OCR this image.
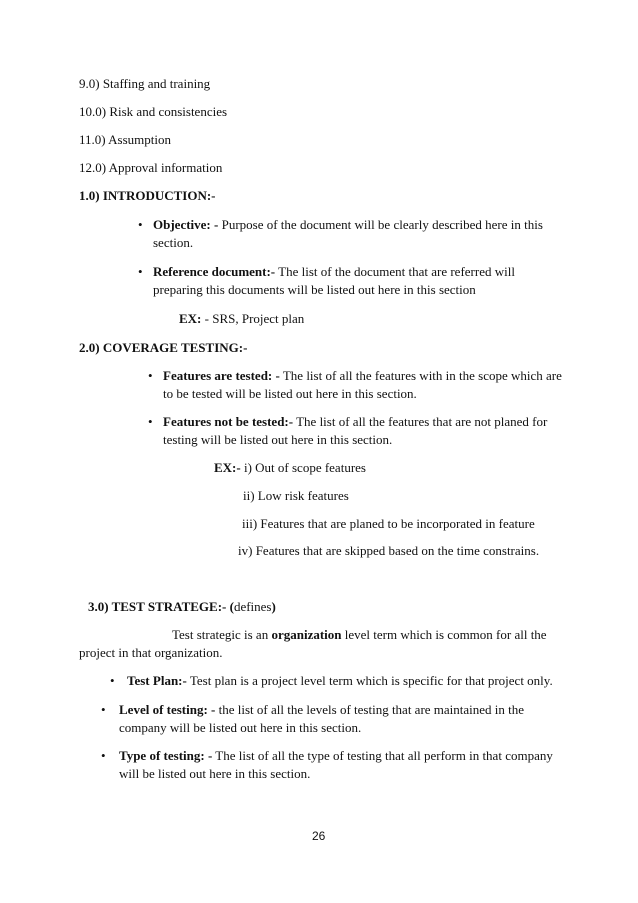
9.0) Staffing and training
10.0) Risk and consistencies
11.0) Assumption
12.0) Approval information
1.0) INTRODUCTION:-
• Objective: - Purpose of the document will be clearly described here in this
section.
• Reference document:- The list of the document that are referred will
preparing this documents will be listed out here in this section
EX: - SRS, Project plan
2.0) COVERAGE TESTING:-
• Features are tested: - The list of all the features with in the scope which are
to be tested will be listed out here in this section.
• Features not be tested:- The list of all the features that are not planed for
testing will be listed out here in this section.
EX:- i) Out of scope features
ii) Low risk features
iii) Features that are planed to be incorporated in feature
iv) Features that are skipped based on the time constrains.
3.0) TEST STRATEGE:- (defines)
Test strategic is an organization level term which is common for all the
project in that organization.
• Test Plan:- Test plan is a project level term which is specific for that project only.
• Level of testing: - the list of all the levels of testing that are maintained in the
company will be listed out here in this section.
• Type of testing: - The list of all the type of testing that all perform in that company
will be listed out here in this section.
26
